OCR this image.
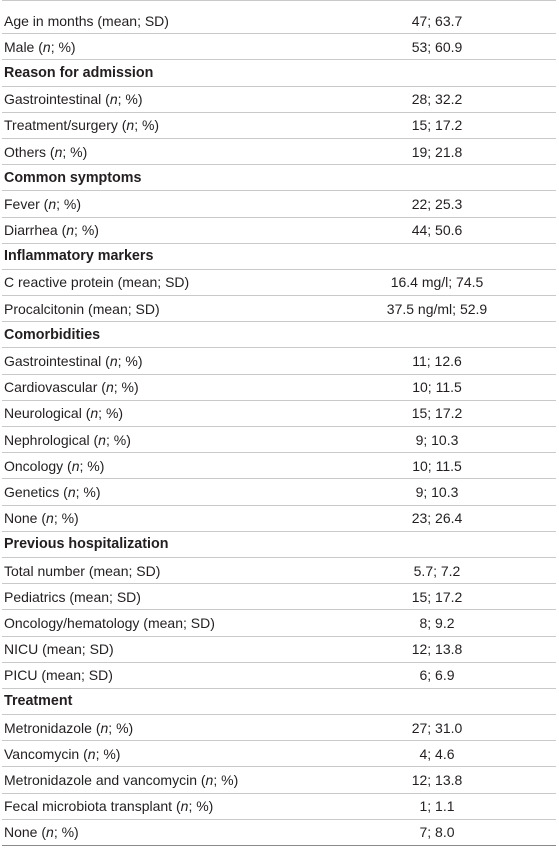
Age in months (mean; SD)	47; 63.7
Male (n; %)	53; 60.9
Reason for admission
Gastrointestinal (n; %)	28; 32.2
Treatment/surgery (n; %)	15; 17.2
Others (n; %)	19; 21.8
Common symptoms
Fever (n; %)	22; 25.3
Diarrhea (n; %)	44; 50.6
Inflammatory markers
C reactive protein (mean; SD)	16.4 mg/l; 74.5
Procalcitonin (mean; SD)	37.5 ng/ml; 52.9
Comorbidities
Gastrointestinal (n; %)	11; 12.6
Cardiovascular (n; %)	10; 11.5
Neurological (n; %)	15; 17.2
Nephrological (n; %)	9; 10.3
Oncology (n; %)	10; 11.5
Genetics (n; %)	9; 10.3
None (n; %)	23; 26.4
Previous hospitalization
Total number (mean; SD)	5.7; 7.2
Pediatrics (mean; SD)	15; 17.2
Oncology/hematology (mean; SD)	8; 9.2
NICU (mean; SD)	12; 13.8
PICU (mean; SD)	6; 6.9
Treatment
Metronidazole (n; %)	27; 31.0
Vancomycin (n; %)	4; 4.6
Metronidazole and vancomycin (n; %)	12; 13.8
Fecal microbiota transplant (n; %)	1; 1.1
None (n; %)	7; 8.0
